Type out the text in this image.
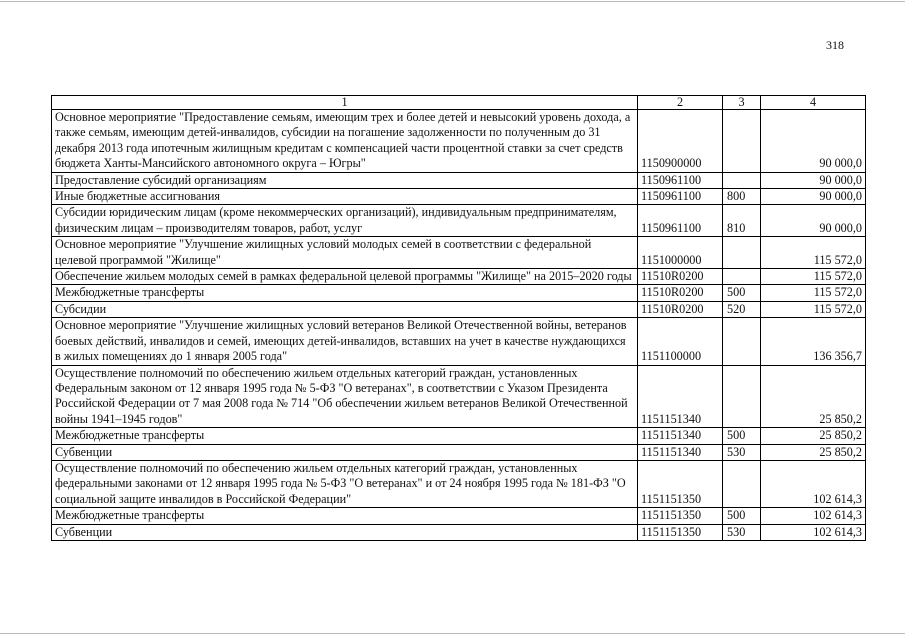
318
1	2	3	4
Основное мероприятие "Предоставление семьям, имеющим трех и более детей и невысокий уровень дохода, а также семьям, имеющим детей-инвалидов, субсидии на погашение задолженности по полученным до 31 декабря 2013 года ипотечным жилищным кредитам с компенсацией части процентной ставки за счет средств бюджета Ханты-Мансийского автономного округа – Югры"	1150900000		90 000,0
Предоставление субсидий организациям	1150961100		90 000,0
Иные бюджетные ассигнования	1150961100	800	90 000,0
Субсидии юридическим лицам (кроме некоммерческих организаций), индивидуальным предпринимателям, физическим лицам – производителям товаров, работ, услуг	1150961100	810	90 000,0
Основное мероприятие "Улучшение жилищных условий молодых семей в соответствии с федеральной целевой программой "Жилище"	1151000000		115 572,0
Обеспечение жильем молодых семей в рамках федеральной целевой программы "Жилище" на 2015–2020 годы	11510R0200		115 572,0
Межбюджетные трансферты	11510R0200	500	115 572,0
Субсидии	11510R0200	520	115 572,0
Основное мероприятие "Улучшение жилищных условий ветеранов Великой Отечественной войны, ветеранов боевых действий, инвалидов и семей, имеющих детей-инвалидов, вставших на учет в качестве нуждающихся в жилых помещениях до 1 января 2005 года"	1151100000		136 356,7
Осуществление полномочий по обеспечению жильем отдельных категорий граждан, установленных Федеральным законом от 12 января 1995 года № 5-ФЗ "О ветеранах", в соответствии с Указом Президента Российской Федерации от 7 мая 2008 года № 714 "Об обеспечении жильем ветеранов Великой Отечественной войны 1941–1945 годов"	1151151340		25 850,2
Межбюджетные трансферты	1151151340	500	25 850,2
Субвенции	1151151340	530	25 850,2
Осуществление полномочий по обеспечению жильем отдельных категорий граждан, установленных федеральными законами от 12 января 1995 года № 5-ФЗ "О ветеранах" и от 24 ноября 1995 года № 181-ФЗ "О социальной защите инвалидов в Российской Федерации"	1151151350		102 614,3
Межбюджетные трансферты	1151151350	500	102 614,3
Субвенции	1151151350	530	102 614,3
